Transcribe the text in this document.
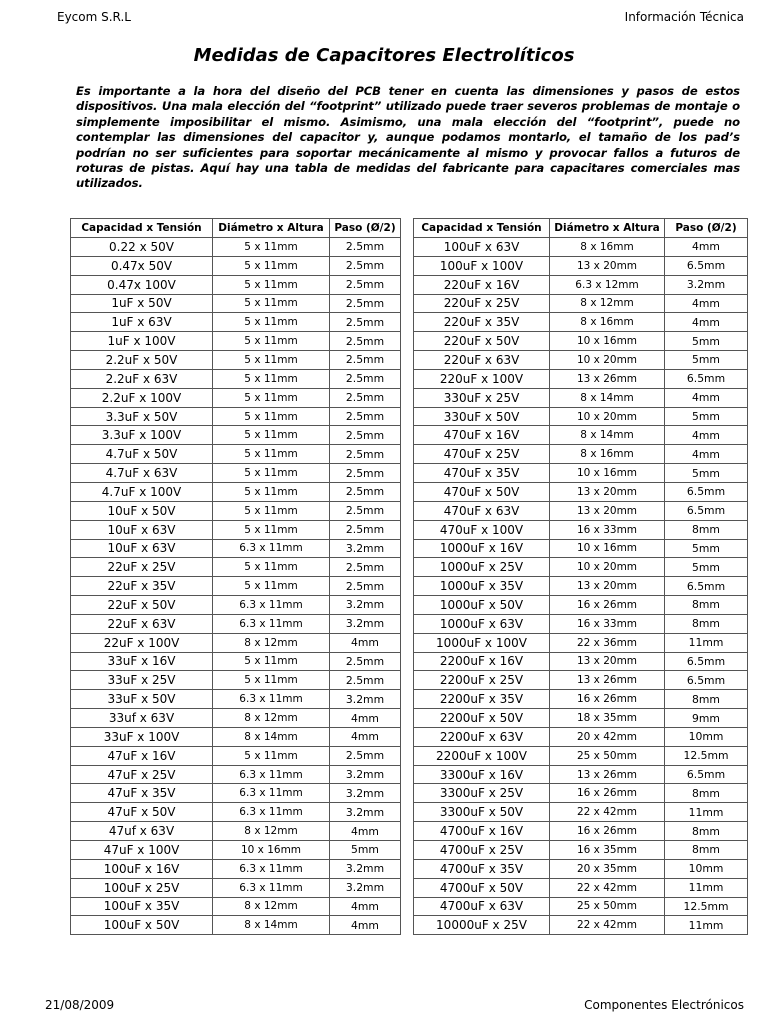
Eycom S.R.L	Información Técnica
Medidas de Capacitores Electrolíticos
Es importante a la hora del diseño del PCB tener en cuenta las dimensiones y pasos de estos dispositivos. Una mala elección del “footprint” utilizado puede traer severos problemas de montaje o simplemente imposibilitar el mismo. Asimismo, una mala elección del “footprint”, puede no contemplar las dimensiones del capacitor y, aunque podamos montarlo, el tamaño de los pad’s podrían no ser suficientes para soportar mecánicamente al mismo y provocar fallos a futuros de roturas de pistas. Aquí hay una tabla de medidas del fabricante para capacitares comerciales mas utilizados.
Capacidad x Tensión	Diámetro x Altura	Paso (Ø/2)
0.22 x 50V	5 x 11mm	2.5mm
0.47x 50V	5 x 11mm	2.5mm
0.47x 100V	5 x 11mm	2.5mm
1uF x 50V	5 x 11mm	2.5mm
1uF x 63V	5 x 11mm	2.5mm
1uF x 100V	5 x 11mm	2.5mm
2.2uF x 50V	5 x 11mm	2.5mm
2.2uF x 63V	5 x 11mm	2.5mm
2.2uF x 100V	5 x 11mm	2.5mm
3.3uF x 50V	5 x 11mm	2.5mm
3.3uF x 100V	5 x 11mm	2.5mm
4.7uF x 50V	5 x 11mm	2.5mm
4.7uF x 63V	5 x 11mm	2.5mm
4.7uF x 100V	5 x 11mm	2.5mm
10uF x 50V	5 x 11mm	2.5mm
10uF x 63V	5 x 11mm	2.5mm
10uF x 63V	6.3 x 11mm	3.2mm
22uF x 25V	5 x 11mm	2.5mm
22uF x 35V	5 x 11mm	2.5mm
22uF x 50V	6.3 x 11mm	3.2mm
22uF x 63V	6.3 x 11mm	3.2mm
22uF x 100V	8 x 12mm	4mm
33uF x 16V	5 x 11mm	2.5mm
33uF x 25V	5 x 11mm	2.5mm
33uF x 50V	6.3 x 11mm	3.2mm
33uf x 63V	8 x 12mm	4mm
33uF x 100V	8 x 14mm	4mm
47uF x 16V	5 x 11mm	2.5mm
47uF x 25V	6.3 x 11mm	3.2mm
47uF x 35V	6.3 x 11mm	3.2mm
47uF x 50V	6.3 x 11mm	3.2mm
47uf x 63V	8 x 12mm	4mm
47uF x 100V	10 x 16mm	5mm
100uF x 16V	6.3 x 11mm	3.2mm
100uF x 25V	6.3 x 11mm	3.2mm
100uF x 35V	8 x 12mm	4mm
100uF x 50V	8 x 14mm	4mm
Capacidad x Tensión	Diámetro x Altura	Paso (Ø/2)
100uF x 63V	8 x 16mm	4mm
100uF x 100V	13 x 20mm	6.5mm
220uF x 16V	6.3 x 12mm	3.2mm
220uF x 25V	8 x 12mm	4mm
220uF x 35V	8 x 16mm	4mm
220uF x 50V	10 x 16mm	5mm
220uF x 63V	10 x 20mm	5mm
220uF x 100V	13 x 26mm	6.5mm
330uF x 25V	8 x 14mm	4mm
330uF x 50V	10 x 20mm	5mm
470uF x 16V	8 x 14mm	4mm
470uF x 25V	8 x 16mm	4mm
470uF x 35V	10 x 16mm	5mm
470uF x 50V	13 x 20mm	6.5mm
470uF x 63V	13 x 20mm	6.5mm
470uF x 100V	16 x 33mm	8mm
1000uF x 16V	10 x 16mm	5mm
1000uF x 25V	10 x 20mm	5mm
1000uF x 35V	13 x 20mm	6.5mm
1000uF x 50V	16 x 26mm	8mm
1000uF x 63V	16 x 33mm	8mm
1000uF x 100V	22 x 36mm	11mm
2200uF x 16V	13 x 20mm	6.5mm
2200uF x 25V	13 x 26mm	6.5mm
2200uF x 35V	16 x 26mm	8mm
2200uF x 50V	18 x 35mm	9mm
2200uF x 63V	20 x 42mm	10mm
2200uF x 100V	25 x 50mm	12.5mm
3300uF x 16V	13 x 26mm	6.5mm
3300uF x 25V	16 x 26mm	8mm
3300uF x 50V	22 x 42mm	11mm
4700uF x 16V	16 x 26mm	8mm
4700uF x 25V	16 x 35mm	8mm
4700uF x 35V	20 x 35mm	10mm
4700uF x 50V	22 x 42mm	11mm
4700uF x 63V	25 x 50mm	12.5mm
10000uF x 25V	22 x 42mm	11mm
21/08/2009	Componentes Electrónicos
